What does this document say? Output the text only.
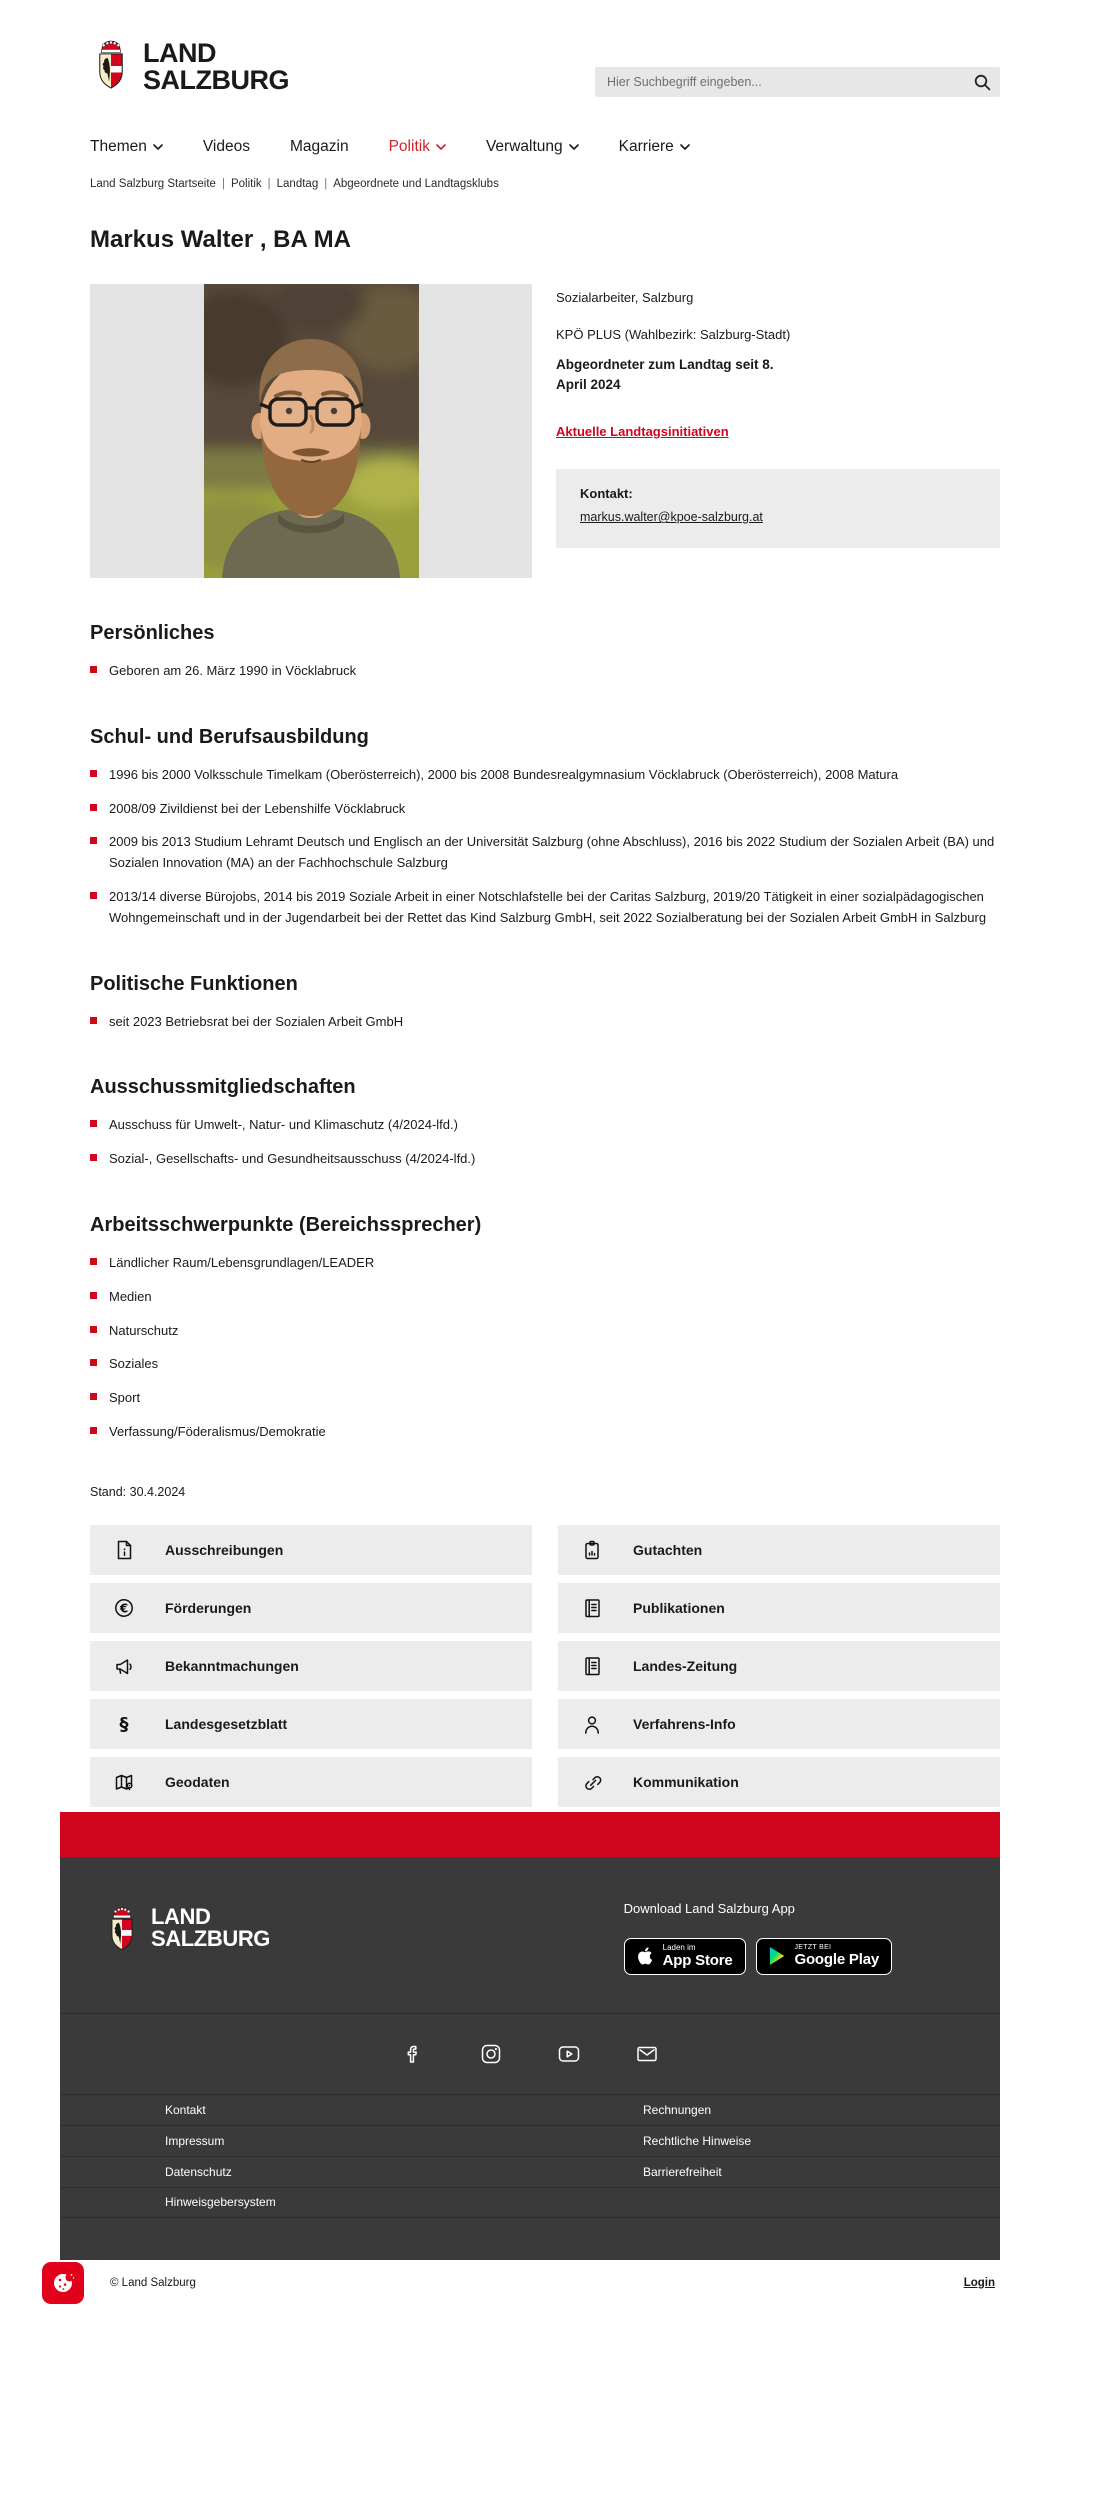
LAND
SALZBURG
Hier Suchbegriff eingeben...
Themen	Videos	Magazin	Politik	Verwaltung	Karriere
Land Salzburg Startseite | Politik | Landtag | Abgeordnete und Landtagsklubs
Markus Walter , BA MA

Sozialarbeiter, Salzburg

KPÖ PLUS (Wahlbezirk: Salzburg-Stadt)

Abgeordneter zum Landtag seit 8. April 2024

Aktuelle Landtagsinitiativen

Kontakt:

markus.walter@kpoe-salzburg.at
Persönliches
Geboren am 26. März 1990 in Vöcklabruck
Schul- und Berufsausbildung
1996 bis 2000 Volksschule Timelkam (Oberösterreich), 2000 bis 2008 Bundesrealgymnasium Vöcklabruck (Oberösterreich), 2008 Matura
2008/09 Zivildienst bei der Lebenshilfe Vöcklabruck
2009 bis 2013 Studium Lehramt Deutsch und Englisch an der Universität Salzburg (ohne Abschluss), 2016 bis 2022 Studium der Sozialen Arbeit (BA) und Sozialen Innovation (MA) an der Fachhochschule Salzburg
2013/14 diverse Bürojobs, 2014 bis 2019 Soziale Arbeit in einer Notschlafstelle bei der Caritas Salzburg, 2019/20 Tätigkeit in einer sozialpädagogischen Wohngemeinschaft und in der Jugendarbeit bei der Rettet das Kind Salzburg GmbH, seit 2022 Sozialberatung bei der Sozialen Arbeit GmbH in Salzburg
Politische Funktionen
seit 2023 Betriebsrat bei der Sozialen Arbeit GmbH
Ausschussmitgliedschaften
Ausschuss für Umwelt-, Natur- und Klimaschutz (4/2024-lfd.)
Sozial-, Gesellschafts- und Gesundheitsausschuss (4/2024-lfd.)
Arbeitsschwerpunkte (Bereichssprecher)
Ländlicher Raum/Lebensgrundlagen/LEADER
Medien
Naturschutz
Soziales
Sport
Verfassung/Föderalismus/Demokratie

Stand: 30.4.2024

Ausschreibungen	Gutachten
€	Förderungen	Publikationen
Bekanntmachungen	Landes-Zeitung
§	Landesgesetzblatt	Verfahrens-Info
Geodaten	Kommunikation
LAND
SALZBURG

Download Land Salzburg App

Laden im
App Store
JETZT BEI
Google Play
Kontakt	Rechnungen
Impressum	Rechtliche Hinweise
Datenschutz	Barrierefreiheit
Hinweisgebersystem
© Land Salzburg	Login
